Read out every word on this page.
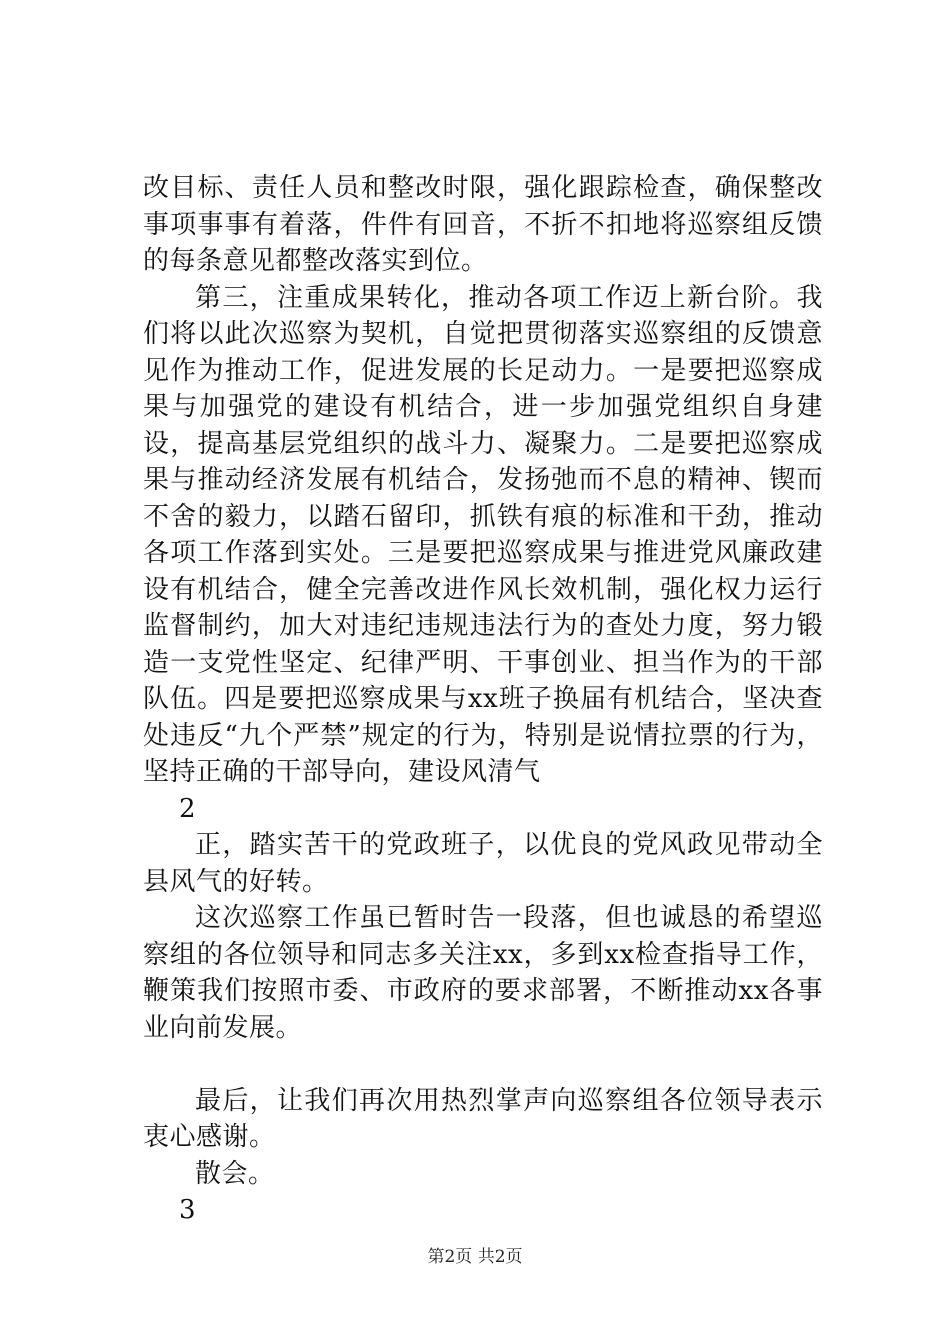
改目标、责任人员和整改时限，强化跟踪检查，确保整改事项事事有着落，件件有回音，不折不扣地将巡察组反馈的每条意见都整改落实到位。

第三，注重成果转化，推动各项工作迈上新台阶。我们将以此次巡察为契机，自觉把贯彻落实巡察组的反馈意见作为推动工作，促进发展的长足动力。一是要把巡察成果与加强党的建设有机结合，进一步加强党组织自身建设，提高基层党组织的战斗力、凝聚力。二是要把巡察成果与推动经济发展有机结合，发扬弛而不息的精神、锲而不舍的毅力，以踏石留印，抓铁有痕的标准和干劲，推动各项工作落到实处。三是要把巡察成果与推进党风廉政建设有机结合，健全完善改进作风长效机制，强化权力运行监督制约，加大对违纪违规违法行为的查处力度，努力锻造一支党性坚定、纪律严明、干事创业、担当作为的干部队伍。四是要把巡察成果与xx班子换届有机结合，坚决查处违反“九个严禁”规定的行为，特别是说情拉票的行为，坚持正确的干部导向，建设风清气

2

正，踏实苦干的党政班子，以优良的党风政见带动全县风气的好转。

这次巡察工作虽已暂时告一段落，但也诚恳的希望巡察组的各位领导和同志多关注xx，多到xx检查指导工作，鞭策我们按照市委、市政府的要求部署，不断推动xx各事业向前发展。

最后，让我们再次用热烈掌声向巡察组各位领导表示衷心感谢。

散会。

3

第2页 共2页
